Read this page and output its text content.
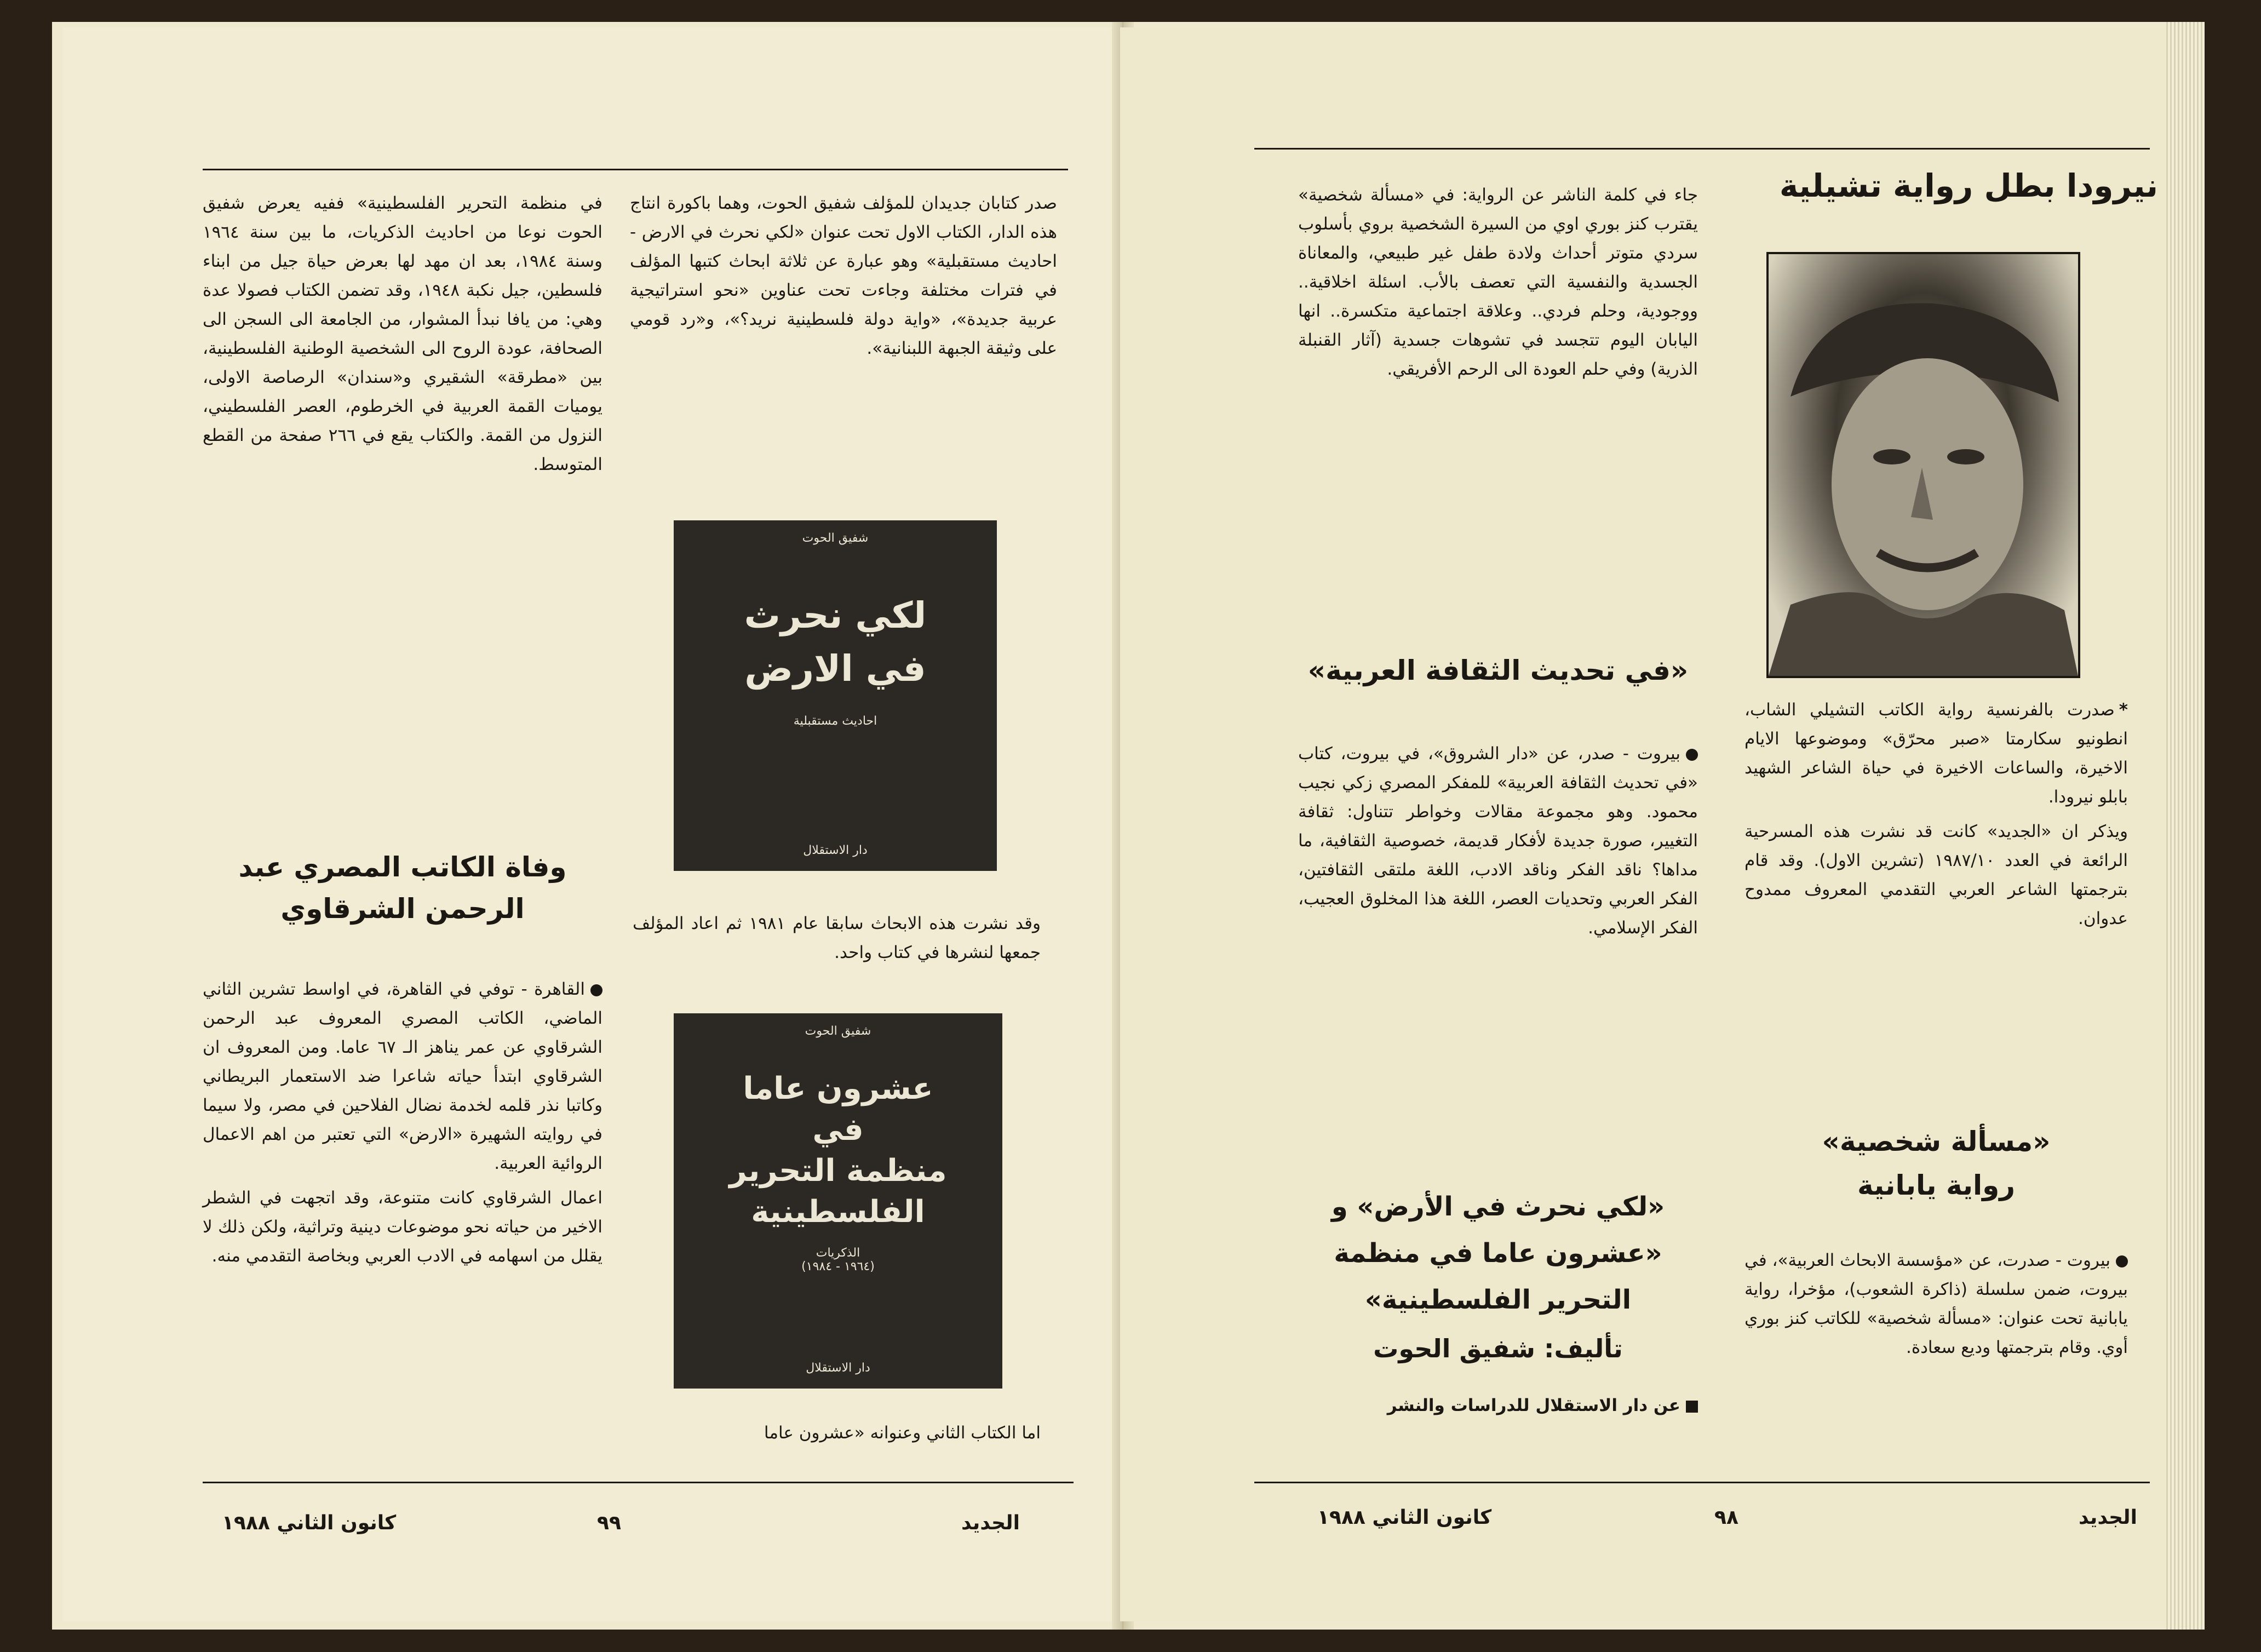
صدر كتابان جديدان للمؤلف شفيق الحوت، وهما باكورة انتاج هذه الدار، الكتاب الاول تحت عنوان «لكي نحرث في الارض - احاديث مستقبلية» وهو عبارة عن ثلاثة ابحاث كتبها المؤلف في فترات مختلفة وجاءت تحت عناوين «نحو استراتيجية عربية جديدة»، «واية دولة فلسطينية نريد؟»، و«رد قومي على وثيقة الجبهة اللبنانية».
شفيق الحوت
لكي نحرث
في الارض
احاديث مستقبلية
دار الاستقلال
وقد نشرت هذه الابحاث سابقا عام ١٩٨١ ثم اعاد المؤلف جمعها لنشرها في كتاب واحد.
شفيق الحوت
عشرون عاما
في
منظمة التحرير
الفلسطينية
الذكريات
(١٩٦٤ - ١٩٨٤)
دار الاستقلال
اما الكتاب الثاني وعنوانه «عشرون عاما
في منظمة التحرير الفلسطينية» ففيه يعرض شفيق الحوت نوعا من احاديث الذكريات، ما بين سنة ١٩٦٤ وسنة ١٩٨٤، بعد ان مهد لها بعرض حياة جيل من ابناء فلسطين، جيل نكبة ١٩٤٨، وقد تضمن الكتاب فصولا عدة وهي: من يافا نبدأ المشوار، من الجامعة الى السجن الى الصحافة، عودة الروح الى الشخصية الوطنية الفلسطينية، بين «مطرقة» الشقيري و«سندان» الرصاصة الاولى، يوميات القمة العربية في الخرطوم، العصر الفلسطيني، النزول من القمة. والكتاب يقع في ٢٦٦ صفحة من القطع المتوسط.
وفاة الكاتب المصري عبد الرحمن الشرقاوي

القاهرة - توفي في القاهرة، في اواسط تشرين الثاني الماضي، الكاتب المصري المعروف عبد الرحمن الشرقاوي عن عمر يناهز الـ ٦٧ عاما. ومن المعروف ان الشرقاوي ابتدأ حياته شاعرا ضد الاستعمار البريطاني وكاتبا نذر قلمه لخدمة نضال الفلاحين في مصر، ولا سيما في روايته الشهيرة «الارض» التي تعتبر من اهم الاعمال الروائية العربية.

اعمال الشرقاوي كانت متنوعة، وقد اتجهت في الشطر الاخير من حياته نحو موضوعات دينية وتراثية، ولكن ذلك لا يقلل من اسهامه في الادب العربي وبخاصة التقدمي منه.

كانون الثاني ١٩٨٨	٩٩	الجديد
نيرودا بطل رواية تشيلية

*صدرت بالفرنسية رواية الكاتب التشيلي الشاب، انطونيو سكارمتا «صبر محرّق» وموضوعها الايام الاخيرة، والساعات الاخيرة في حياة الشاعر الشهيد بابلو نيرودا.

ويذكر ان «الجديد» كانت قد نشرت هذه المسرحية الرائعة في العدد ١٩٨٧/١٠ (تشرين الاول). وقد قام بترجمتها الشاعر العربي التقدمي المعروف ممدوح عدوان.

«مسألة شخصية»
رواية يابانية

بيروت - صدرت، عن «مؤسسة الابحاث العربية»، في بيروت، ضمن سلسلة (ذاكرة الشعوب)، مؤخرا، رواية يابانية تحت عنوان: «مسألة شخصية» للكاتب كنز بوري أوي. وقام بترجمتها وديع سعادة.

جاء في كلمة الناشر عن الرواية: في «مسألة شخصية» يقترب كنز بوري اوي من السيرة الشخصية بروي بأسلوب سردي متوتر أحداث ولادة طفل غير طبيعي، والمعاناة الجسدية والنفسية التي تعصف بالأب. اسئلة اخلاقية.. ووجودية، وحلم فردي.. وعلاقة اجتماعية متكسرة.. انها اليابان اليوم تتجسد في تشوهات جسدية (آثار القنبلة الذرية) وفي حلم العودة الى الرحم الأفريقي.
«في تحديث الثقافة العربية»

بيروت - صدر، عن «دار الشروق»، في بيروت، كتاب «في تحديث الثقافة العربية» للمفكر المصري زكي نجيب محمود. وهو مجموعة مقالات وخواطر تتناول: ثقافة التغيير، صورة جديدة لأفكار قديمة، خصوصية الثقافية، ما مداها؟ ناقد الفكر وناقد الادب، اللغة ملتقى الثقافتين، الفكر العربي وتحديات العصر، اللغة هذا المخلوق العجيب، الفكر الإسلامي.

«لكي نحرث في الأرض» و
«عشرون عاما في منظمة
التحرير الفلسطينية»
تأليف: شفيق الحوت
عن دار الاستقلال للدراسات والنشر
الجديد
٩٨
كانون الثاني ١٩٨٨
